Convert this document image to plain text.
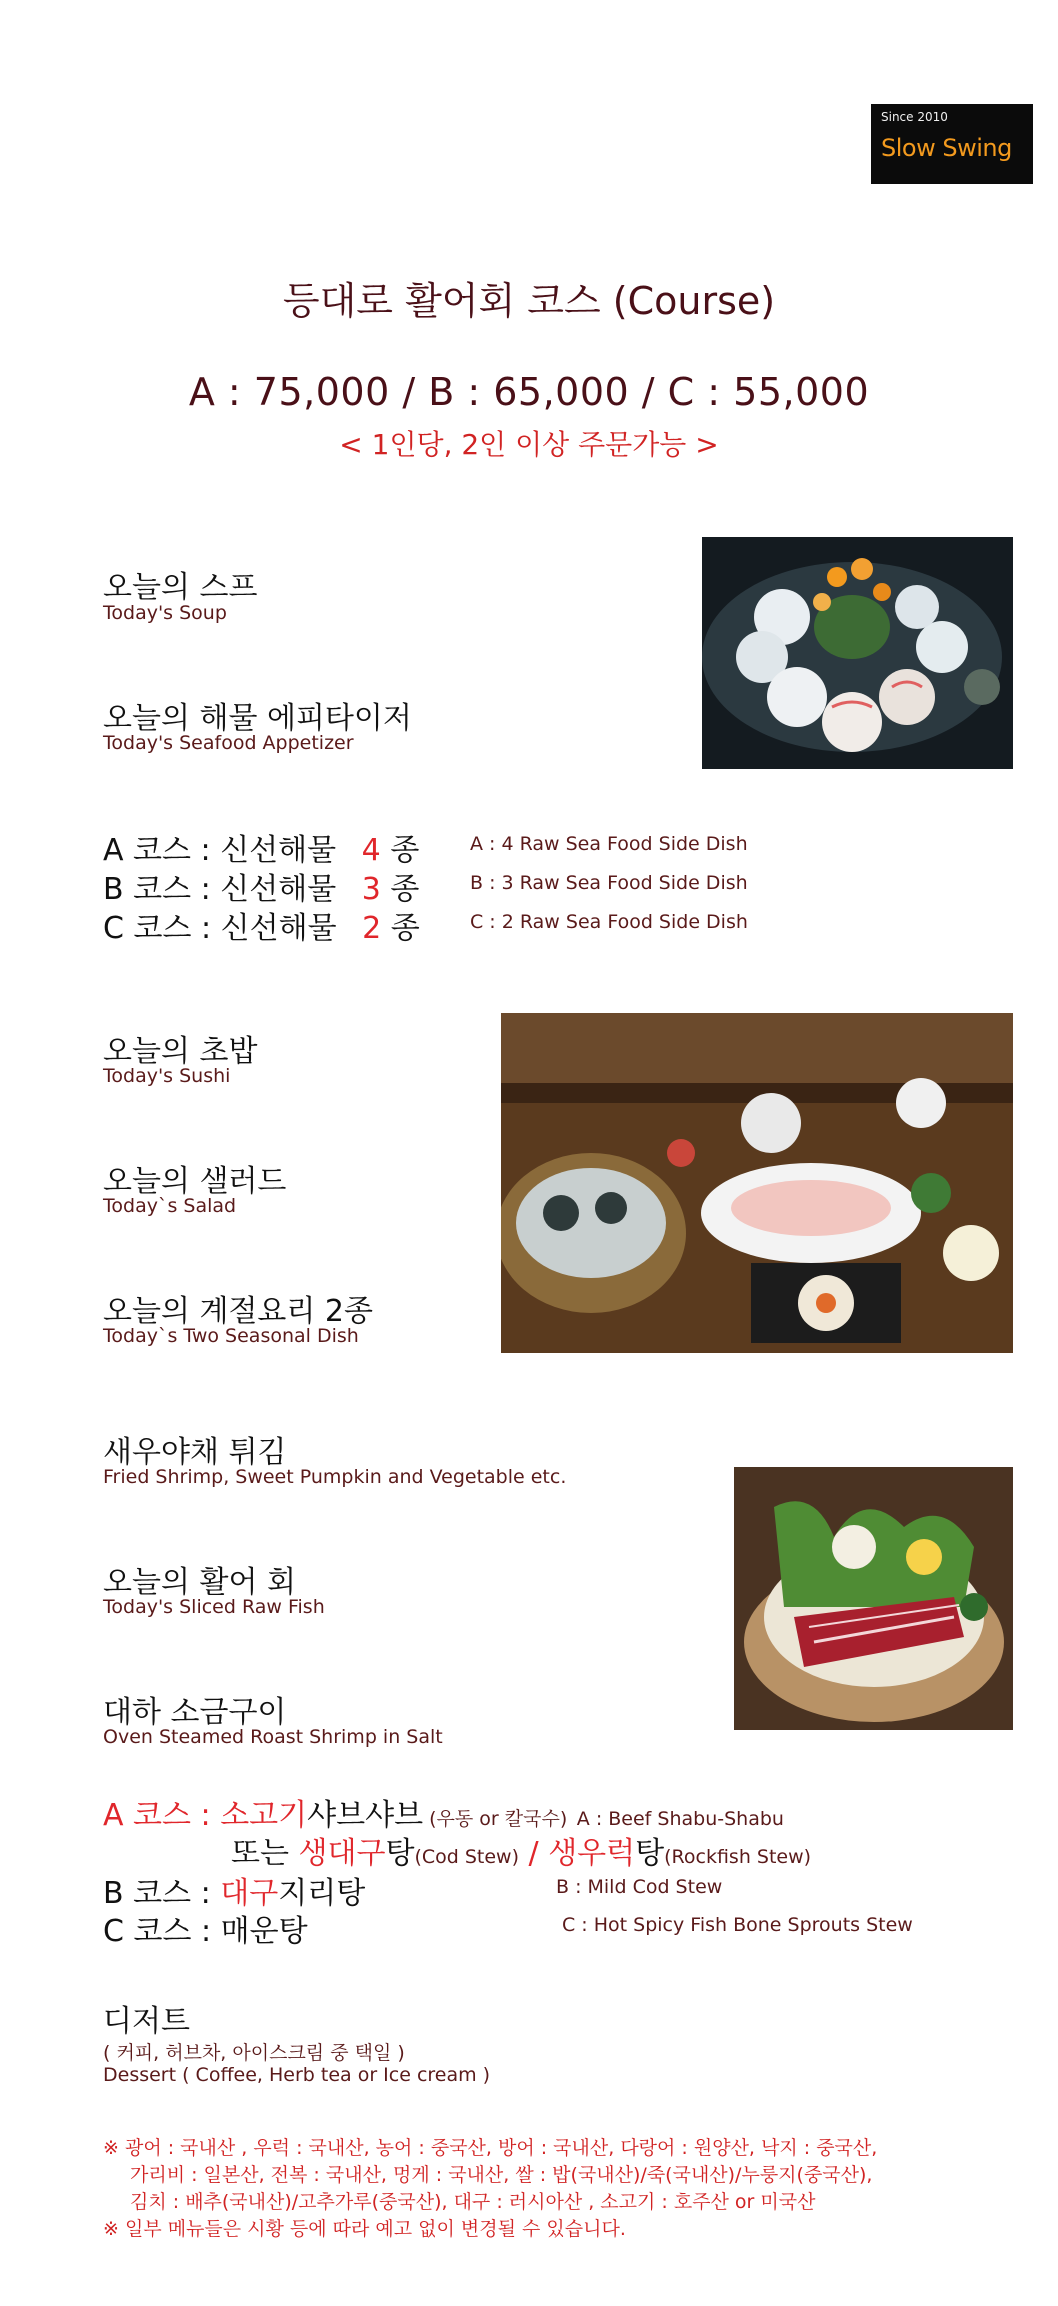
Since 2010
Slow Swing
등대로 활어회 코스 (Course)
A : 75,000 / B : 65,000 / C : 55,000
< 1인당, 2인 이상 주문가능 >
오늘의 스프
Today's Soup
오늘의 해물 에피타이저
Today's Seafood Appetizer
A 코스 : 신선해물 4 종	A : 4 Raw Sea Food Side Dish
B 코스 : 신선해물 3 종	B : 3 Raw Sea Food Side Dish
C 코스 : 신선해물 2 종	C : 2 Raw Sea Food Side Dish
오늘의 초밥
Today's Sushi
오늘의 샐러드
Today`s Salad
오늘의 계절요리 2종
Today`s Two Seasonal Dish
새우야채 튀김
Fried Shrimp, Sweet Pumpkin and Vegetable etc.
오늘의 활어 회
Today's Sliced Raw Fish
대하 소금구이
Oven Steamed Roast Shrimp in Salt
A 코스 : 소고기샤브샤브 (우동 or 칼국수) A : Beef Shabu-Shabu
또는 생대구탕(Cod Stew) / 생우럭탕(Rockfish Stew)
B 코스 : 대구지리탕	B : Mild Cod Stew
C 코스 : 매운탕	C : Hot Spicy Fish Bone Sprouts Stew
디저트
( 커피, 허브차, 아이스크림 중 택일 )
Dessert ( Coffee, Herb tea or Ice cream )
※ 광어 : 국내산 , 우럭 : 국내산, 농어 : 중국산, 방어 : 국내산, 다랑어 : 원양산, 낙지 : 중국산,
가리비 : 일본산, 전복 : 국내산, 멍게 : 국내산, 쌀 : 밥(국내산)/죽(국내산)/누룽지(중국산),
김치 : 배추(국내산)/고추가루(중국산), 대구 : 러시아산 , 소고기 : 호주산 or 미국산
※ 일부 메뉴들은 시황 등에 따라 예고 없이 변경될 수 있습니다.
